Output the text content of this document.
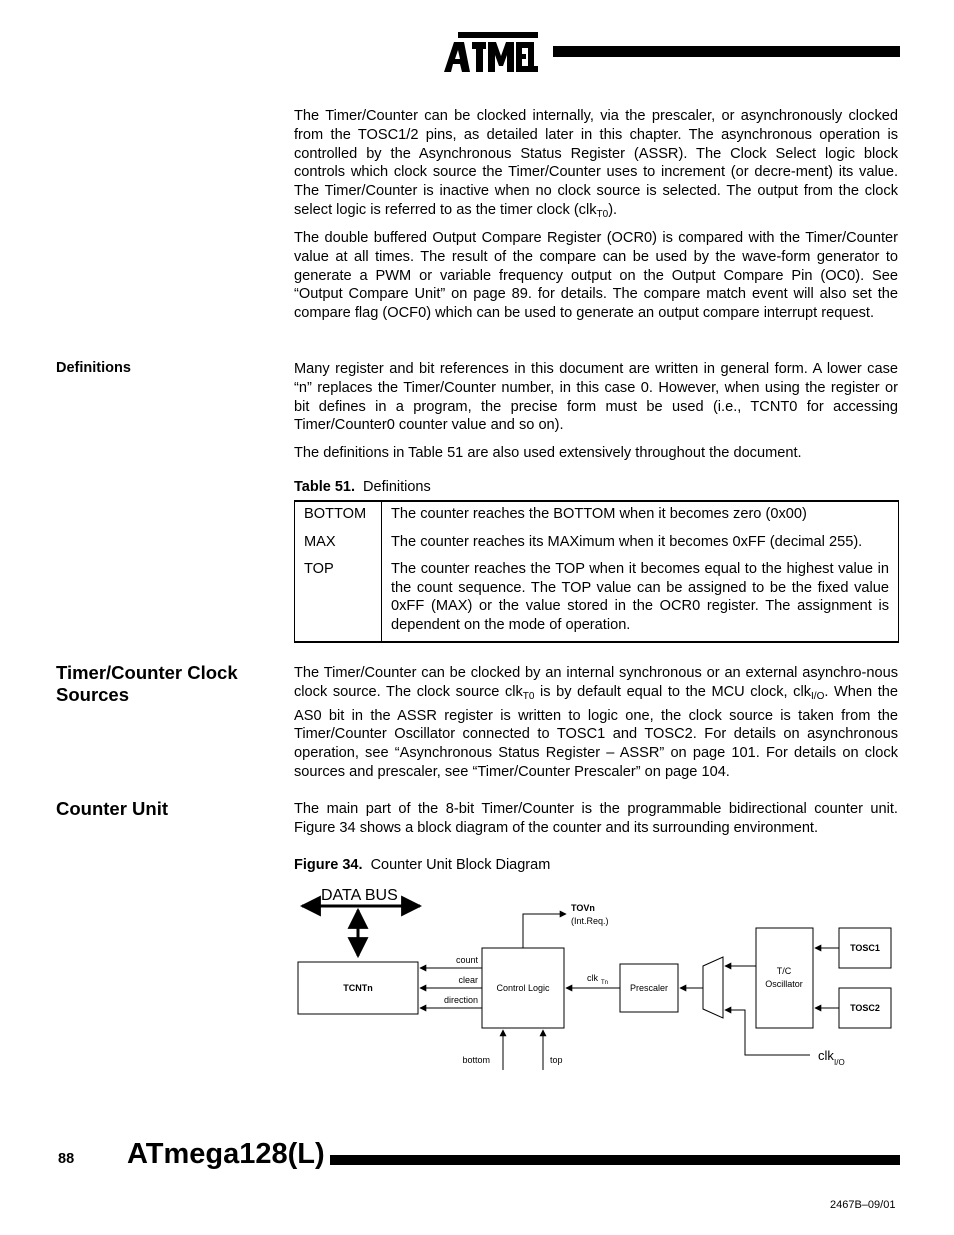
ATMEL

The Timer/Counter can be clocked internally, via the prescaler, or asynchronously clocked from the TOSC1/2 pins, as detailed later in this chapter. The asynchronous operation is controlled by the Asynchronous Status Register (ASSR). The Clock Select logic block controls which clock source the Timer/Counter uses to increment (or decre-ment) its value. The Timer/Counter is inactive when no clock source is selected. The output from the clock select logic is referred to as the timer clock (clk$_{T0}$).

The double buffered Output Compare Register (OCR0) is compared with the Timer/Counter value at all times. The result of the compare can be used by the wave-form generator to generate a PWM or variable frequency output on the Output Compare Pin (OC0). See “Output Compare Unit” on page 89. for details. The compare match event will also set the compare flag (OCF0) which can be used to generate an output compare interrupt request.

Definitions	Many register and bit references in this document are written in general form. A lower case “n” replaces the Timer/Counter number, in this case 0. However, when using the register or bit defines in a program, the precise form must be used (i.e., TCNT0 for accessing Timer/Counter0 counter value and so on).

The definitions in Table 51 are also used extensively throughout the document.

Table 51. Definitions

BOTTOM	The counter reaches the BOTTOM when it becomes zero (0x00)
MAX	The counter reaches its MAXimum when it becomes 0xFF (decimal 255).
TOP	The counter reaches the TOP when it becomes equal to the highest value in the count sequence. The TOP value can be assigned to be the fixed value 0xFF (MAX) or the value stored in the OCR0 register. The assignment is dependent on the mode of operation.
Timer/Counter Clock Sources

The Timer/Counter can be clocked by an internal synchronous or an external asynchro-nous clock source. The clock source clk$_{T0}$ is by default equal to the MCU clock, clk$_{I/O}$. When the AS0 bit in the ASSR register is written to logic one, the clock source is taken from the Timer/Counter Oscillator connected to TOSC1 and TOSC2. For details on asynchronous operation, see “Asynchronous Status Register – ASSR” on page 101. For details on clock sources and prescaler, see “Timer/Counter Prescaler” on page 104.

Counter Unit	The main part of the 8-bit Timer/Counter is the programmable bidirectional counter unit. Figure 34 shows a block diagram of the counter and its surrounding environment.

Figure 34. Counter Unit Block Diagram

DATA BUS
TOVn
(Int.Req.)
TCNTn
count
clear
direction
Control Logic
clk Tn Prescaler
T/C
Oscillator
TOSC1
TOSC2
bottom	top	clk I/O
88 ATmega128(L)
2467B–09/01
